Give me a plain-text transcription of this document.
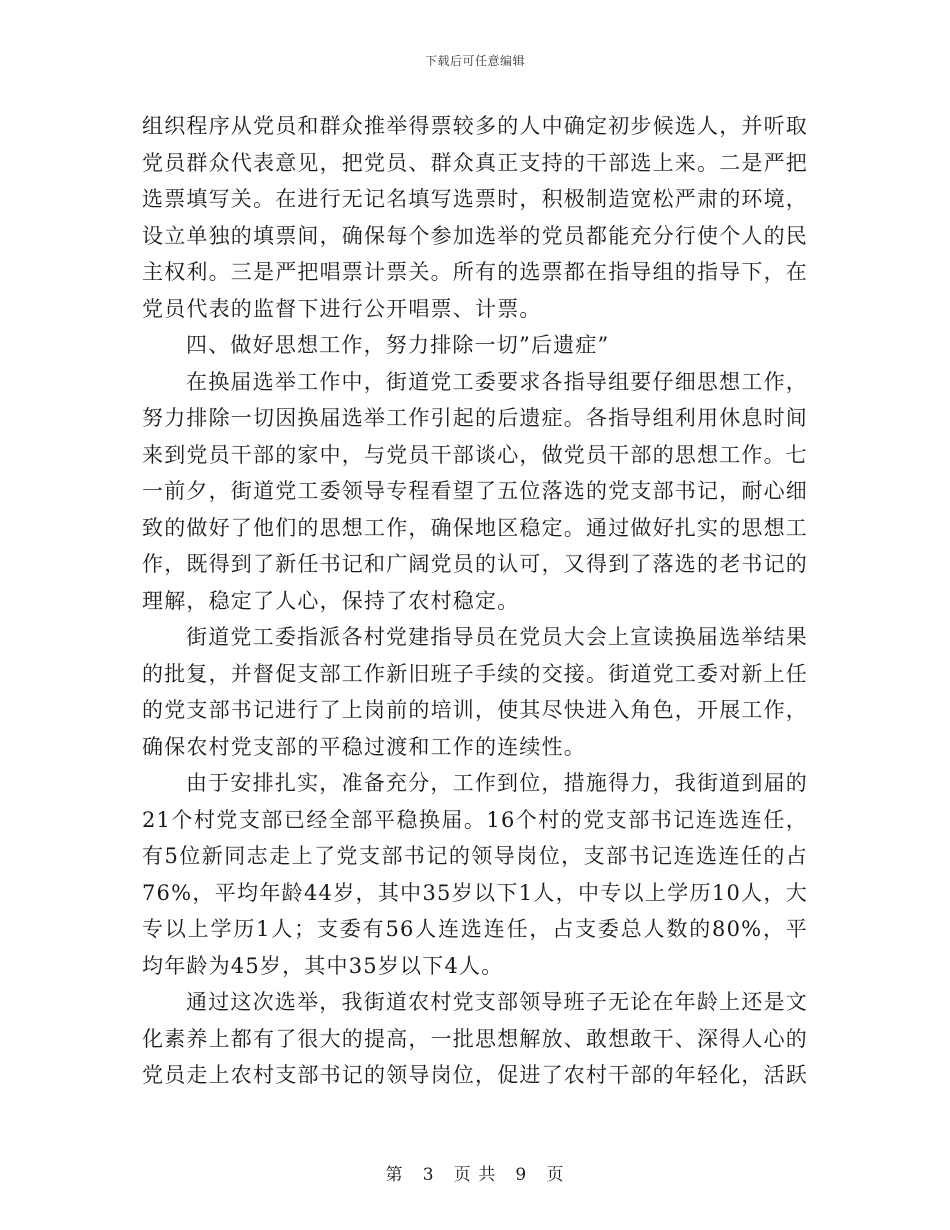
下载后可任意编辑

组织程序从党员和群众推举得票较多的人中确定初步候选人，并听取党员群众代表意见，把党员、群众真正支持的干部选上来。二是严把选票填写关。在进行无记名填写选票时，积极制造宽松严肃的环境，设立单独的填票间，确保每个参加选举的党员都能充分行使个人的民主权利。三是严把唱票计票关。所有的选票都在指导组的指导下，在党员代表的监督下进行公开唱票、计票。

四、做好思想工作，努力排除一切”后遗症”

在换届选举工作中，街道党工委要求各指导组要仔细思想工作，努力排除一切因换届选举工作引起的后遗症。各指导组利用休息时间来到党员干部的家中，与党员干部谈心，做党员干部的思想工作。七一前夕，街道党工委领导专程看望了五位落选的党支部书记，耐心细致的做好了他们的思想工作，确保地区稳定。通过做好扎实的思想工作，既得到了新任书记和广阔党员的认可，又得到了落选的老书记的理解，稳定了人心，保持了农村稳定。

街道党工委指派各村党建指导员在党员大会上宣读换届选举结果的批复，并督促支部工作新旧班子手续的交接。街道党工委对新上任的党支部书记进行了上岗前的培训，使其尽快进入角色，开展工作，确保农村党支部的平稳过渡和工作的连续性。

由于安排扎实，准备充分，工作到位，措施得力，我街道到届的21个村党支部已经全部平稳换届。16个村的党支部书记连选连任，有5位新同志走上了党支部书记的领导岗位，支部书记连选连任的占76%，平均年龄44岁，其中35岁以下1人，中专以上学历10人，大专以上学历1人；支委有56人连选连任，占支委总人数的80%，平均年龄为45岁，其中35岁以下4人。

通过这次选举，我街道农村党支部领导班子无论在年龄上还是文化素养上都有了很大的提高，一批思想解放、敢想敢干、深得人心的党员走上农村支部书记的领导岗位，促进了农村干部的年轻化，活跃

第 3 页 共 9 页
